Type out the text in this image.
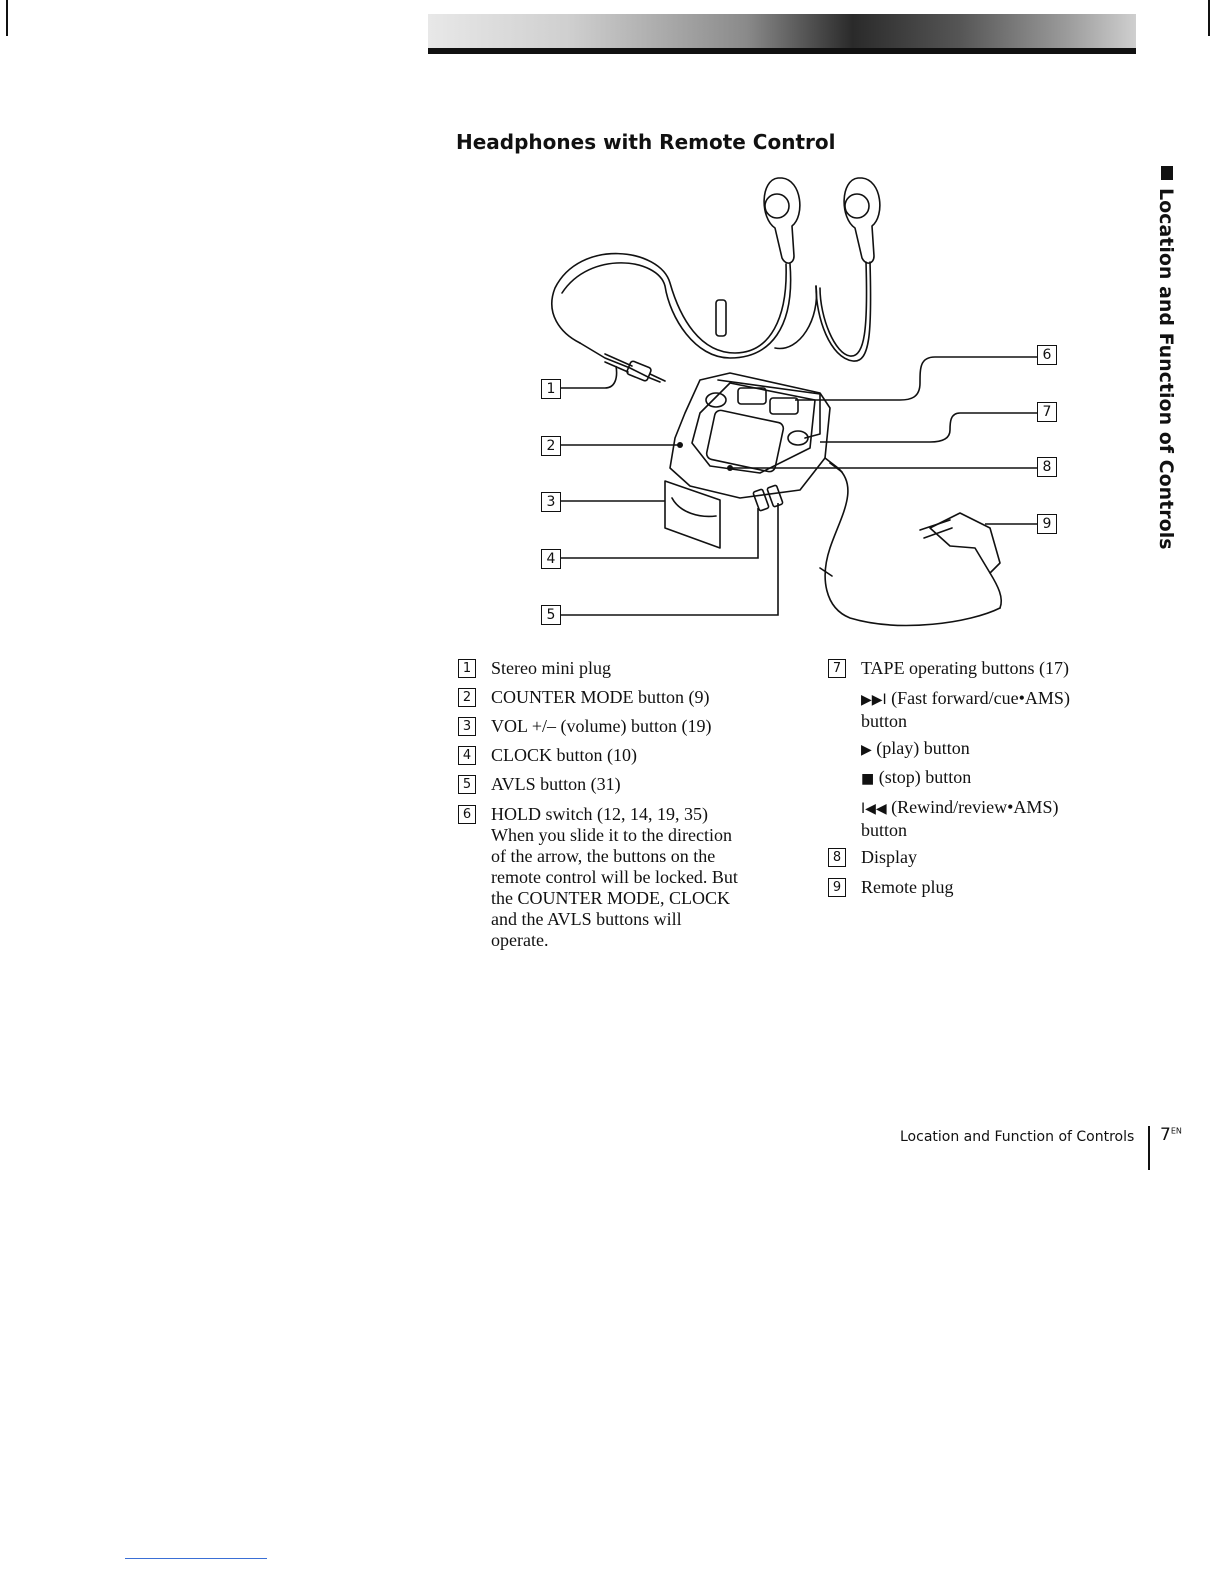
Headphones with Remote Control
Location and Function of Controls
1
2
3
4
5
6
7
8
9
1 Stereo mini plug
2 COUNTER MODE button (9)
3 VOL +/– (volume) button (19)
4 CLOCK button (10)
5 AVLS button (31)
6 HOLD switch (12, 14, 19, 35)
When you slide it to the direction
of the arrow, the buttons on the
remote control will be locked. But
the COUNTER MODE, CLOCK
and the AVLS buttons will
operate.
7 TAPE operating buttons (17)
▶▶I (Fast forward/cue•AMS)
button
▶ (play) button
■ (stop) button
I◀◀ (Rewind/review•AMS)
button
8 Display
9 Remote plug
Location and Function of Controls $7^{EN}$
